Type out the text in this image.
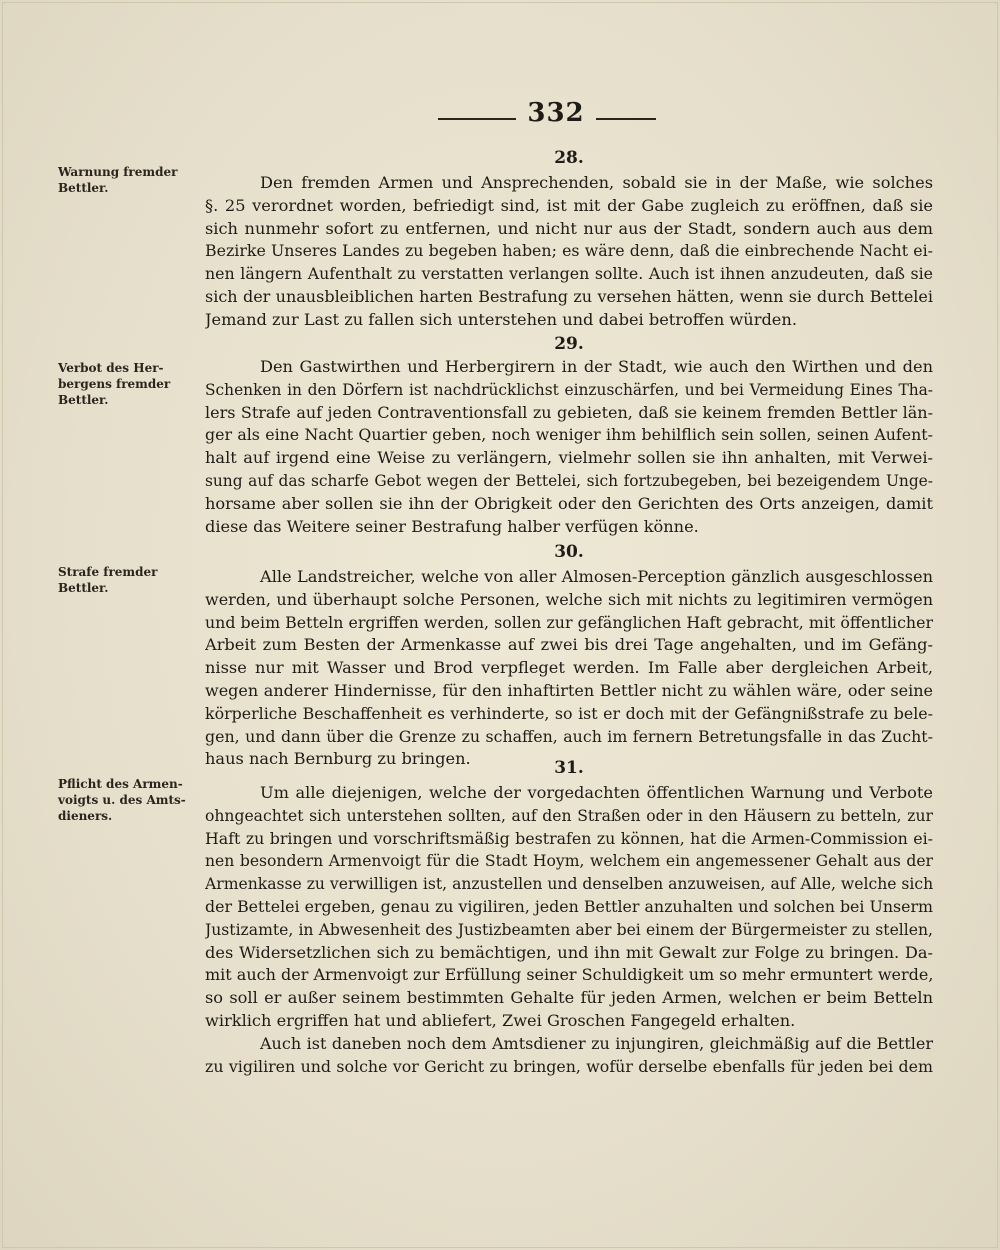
332
Warnung fremder
Bettler.
Verbot des Her-
bergens fremder
Bettler.
Strafe fremder
Bettler.
Pflicht des Armen-
voigts u. des Amts-
dieners.
28.
Den fremden Armen und Ansprechenden, sobald sie in der Maße, wie solches
§. 25 verordnet worden, befriedigt sind, ist mit der Gabe zugleich zu eröffnen, daß sie
sich nunmehr sofort zu entfernen, und nicht nur aus der Stadt, sondern auch aus dem
Bezirke Unseres Landes zu begeben haben; es wäre denn, daß die einbrechende Nacht ei-
nen längern Aufenthalt zu verstatten verlangen sollte. Auch ist ihnen anzudeuten, daß sie
sich der unausbleiblichen harten Bestrafung zu versehen hätten, wenn sie durch Bettelei
Jemand zur Last zu fallen sich unterstehen und dabei betroffen würden.
29.
Den Gastwirthen und Herbergirern in der Stadt, wie auch den Wirthen und den
Schenken in den Dörfern ist nachdrücklichst einzuschärfen, und bei Vermeidung Eines Tha-
lers Strafe auf jeden Contraventionsfall zu gebieten, daß sie keinem fremden Bettler län-
ger als eine Nacht Quartier geben, noch weniger ihm behilflich sein sollen, seinen Aufent-
halt auf irgend eine Weise zu verlängern, vielmehr sollen sie ihn anhalten, mit Verwei-
sung auf das scharfe Gebot wegen der Bettelei, sich fortzubegeben, bei bezeigendem Unge-
horsame aber sollen sie ihn der Obrigkeit oder den Gerichten des Orts anzeigen, damit
diese das Weitere seiner Bestrafung halber verfügen könne.
30.
Alle Landstreicher, welche von aller Almosen-Perception gänzlich ausgeschlossen
werden, und überhaupt solche Personen, welche sich mit nichts zu legitimiren vermögen
und beim Betteln ergriffen werden, sollen zur gefänglichen Haft gebracht, mit öffentlicher
Arbeit zum Besten der Armenkasse auf zwei bis drei Tage angehalten, und im Gefäng-
nisse nur mit Wasser und Brod verpfleget werden. Im Falle aber dergleichen Arbeit,
wegen anderer Hindernisse, für den inhaftirten Bettler nicht zu wählen wäre, oder seine
körperliche Beschaffenheit es verhinderte, so ist er doch mit der Gefängnißstrafe zu bele-
gen, und dann über die Grenze zu schaffen, auch im fernern Betretungsfalle in das Zucht-
haus nach Bernburg zu bringen.	31.
Um alle diejenigen, welche der vorgedachten öffentlichen Warnung und Verbote
ohngeachtet sich unterstehen sollten, auf den Straßen oder in den Häusern zu betteln, zur
Haft zu bringen und vorschriftsmäßig bestrafen zu können, hat die Armen-Commission ei-
nen besondern Armenvoigt für die Stadt Hoym, welchem ein angemessener Gehalt aus der
Armenkasse zu verwilligen ist, anzustellen und denselben anzuweisen, auf Alle, welche sich
der Bettelei ergeben, genau zu vigiliren, jeden Bettler anzuhalten und solchen bei Unserm
Justizamte, in Abwesenheit des Justizbeamten aber bei einem der Bürgermeister zu stellen,
des Widersetzlichen sich zu bemächtigen, und ihn mit Gewalt zur Folge zu bringen. Da-
mit auch der Armenvoigt zur Erfüllung seiner Schuldigkeit um so mehr ermuntert werde,
so soll er außer seinem bestimmten Gehalte für jeden Armen, welchen er beim Betteln
wirklich ergriffen hat und abliefert, Zwei Groschen Fangegeld erhalten.
Auch ist daneben noch dem Amtsdiener zu injungiren, gleichmäßig auf die Bettler
zu vigiliren und solche vor Gericht zu bringen, wofür derselbe ebenfalls für jeden bei dem
